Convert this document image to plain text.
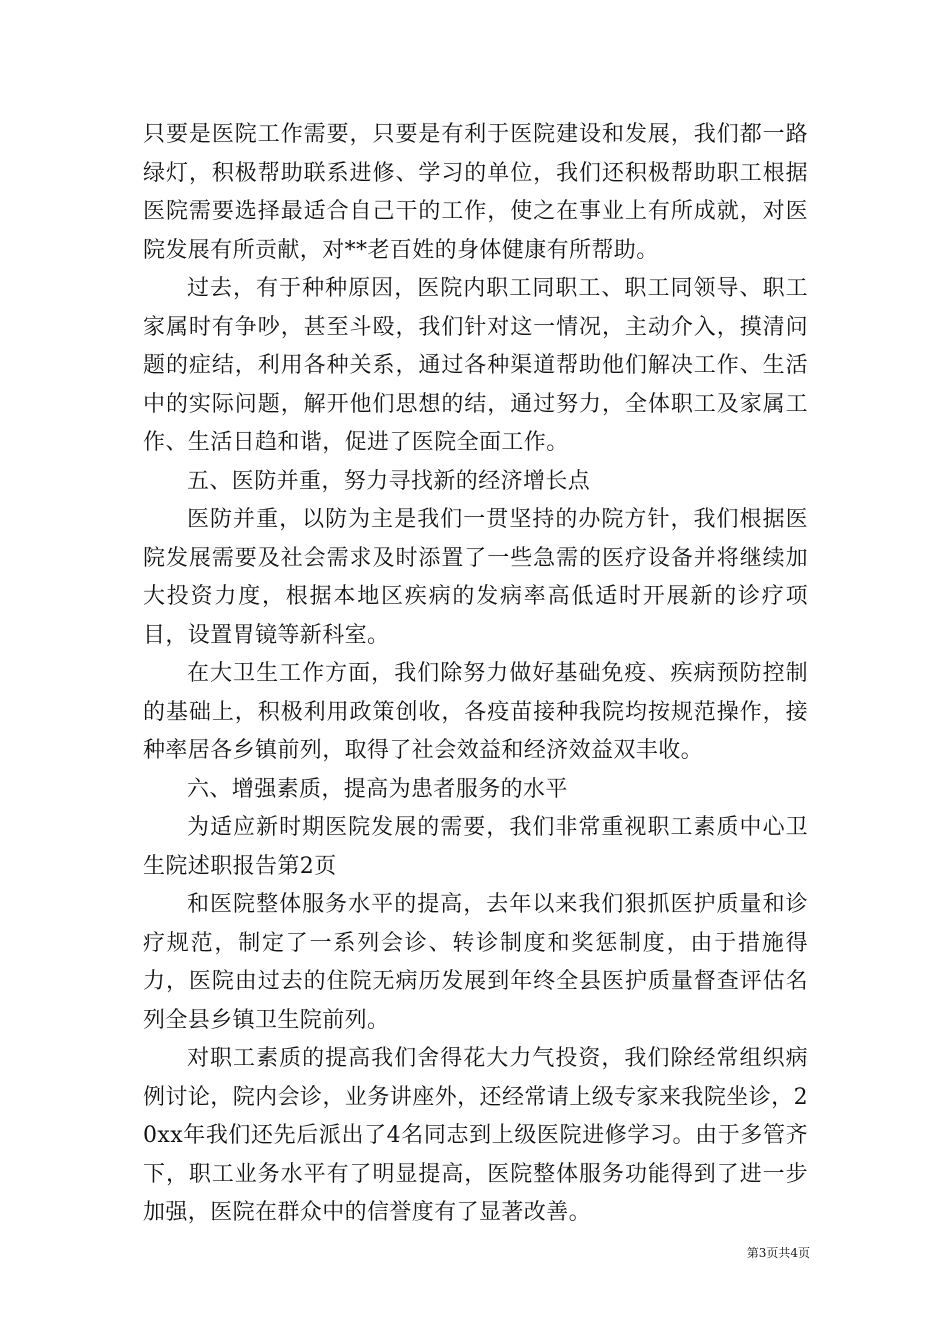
只要是医院工作需要，只要是有利于医院建设和发展，我们都一路绿灯，积极帮助联系进修、学习的单位，我们还积极帮助职工根据医院需要选择最适合自己干的工作，使之在事业上有所成就，对医院发展有所贡献，对**老百姓的身体健康有所帮助。

过去，有于种种原因，医院内职工同职工、职工同领导、职工家属时有争吵，甚至斗殴，我们针对这一情况，主动介入，摸清问题的症结，利用各种关系，通过各种渠道帮助他们解决工作、生活中的实际问题，解开他们思想的结，通过努力，全体职工及家属工作、生活日趋和谐，促进了医院全面工作。

五、医防并重，努力寻找新的经济增长点

医防并重，以防为主是我们一贯坚持的办院方针，我们根据医院发展需要及社会需求及时添置了一些急需的医疗设备并将继续加大投资力度，根据本地区疾病的发病率高低适时开展新的诊疗项目，设置胃镜等新科室。

在大卫生工作方面，我们除努力做好基础免疫、疾病预防控制的基础上，积极利用政策创收，各疫苗接种我院均按规范操作，接种率居各乡镇前列，取得了社会效益和经济效益双丰收。

六、增强素质，提高为患者服务的水平

为适应新时期医院发展的需要，我们非常重视职工素质中心卫生院述职报告第2页

和医院整体服务水平的提高，去年以来我们狠抓医护质量和诊疗规范，制定了一系列会诊、转诊制度和奖惩制度，由于措施得力，医院由过去的住院无病历发展到年终全县医护质量督查评估名列全县乡镇卫生院前列。

对职工素质的提高我们舍得花大力气投资，我们除经常组织病例讨论，院内会诊，业务讲座外，还经常请上级专家来我院坐诊，20xx年我们还先后派出了4名同志到上级医院进修学习。由于多管齐下，职工业务水平有了明显提高，医院整体服务功能得到了进一步加强，医院在群众中的信誉度有了显著改善。

第3页共4页
